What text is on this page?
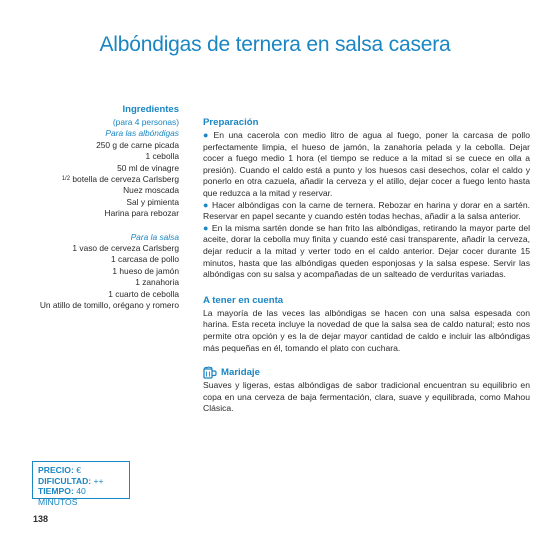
Albóndigas de ternera en salsa casera
Ingredientes
(para 4 personas)
Para las albóndigas
250 g de carne picada
1 cebolla
50 ml de vinagre
$^{1/2}$ botella de cerveza Carlsberg
Nuez moscada
Sal y pimienta
Harina para rebozar
Para la salsa
1 vaso de cerveza Carlsberg
1 carcasa de pollo
1 hueso de jamón
1 zanahoria
1 cuarto de cebolla
Un atillo de tomillo, orégano y romero
Preparación

● En una cacerola con medio litro de agua al fuego, poner la carcasa de pollo perfectamente limpia, el hueso de jamón, la zanahoria pelada y la cebolla. Dejar cocer a fuego medio 1 hora (el tiempo se reduce a la mitad si se cuece en olla a presión). Cuando el caldo está a punto y los huesos casi desechos, colar el caldo y ponerlo en otra cazuela, añadir la cerveza y el atillo, dejar cocer a fuego lento hasta que reduzca a la mitad y reservar.

● Hacer albóndigas con la carne de ternera. Rebozar en harina y dorar en a sartén. Reservar en papel secante y cuando estén todas hechas, añadir a la salsa anterior.

● En la misma sartén donde se han frito las albóndigas, retirando la mayor parte del aceite, dorar la cebolla muy finita y cuando esté casi transparente, añadir la cerveza, dejar reducir a la mitad y verter todo en el caldo anterior. Dejar cocer durante 15 minutos, hasta que las albóndigas queden esponjosas y la salsa espese. Servir las albóndigas con su salsa y acompañadas de un salteado de verduritas variadas.

A tener en cuenta

La mayoría de las veces las albóndigas se hacen con una salsa espesada con harina. Esta receta incluye la novedad de que la salsa sea de caldo natural; esto nos permite otra opción y es la de dejar mayor cantidad de caldo e incluir las albóndigas más pequeñas en él, tomando el plato con cuchara.

Maridaje

Suaves y ligeras, estas albóndigas de sabor tradicional encuentran su equilibrio en copa en una cerveza de baja fermentación, clara, suave y equilibrada, como Mahou Clásica.

PRECIO: €
DIFICULTAD: ++
TIEMPO: 40 MINUTOS
138
